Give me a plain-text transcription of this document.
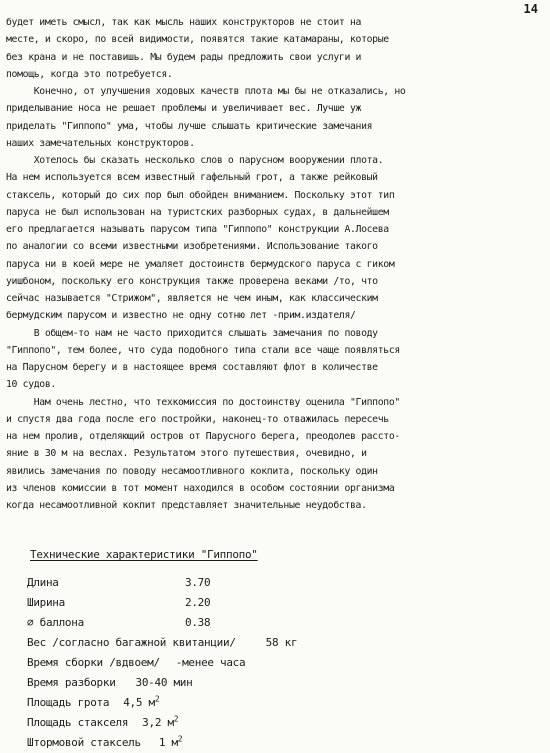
14
будет иметь смысл, так как мысль наших конструкторов не стоит на
месте, и скоро, по всей видимости, появятся такие катамараны, которые
без крана и не поставишь. Мы будем рады предложить свои услуги и
помощь, когда это потребуется.
Конечно, от улучшения ходовых качеств плота мы бы не отказались, но
приделывание носа не решает проблемы и увеличивает вес. Лучше уж
приделать "Гиппопо" ума, чтобы лучше слышать критические замечания
наших замечательных конструкторов.
Хотелось бы сказать несколько слов о парусном вооружении плота.
На нем используется всем известный гафельный грот, а также рейковый
стаксель, который до сих пор был обойден вниманием. Поскольку этот тип
паруса не был использован на туристских разборных судах, в дальнейшем
его предлагается называть парусом типа "Гиппопо" конструкции А.Лосева
по аналогии со всеми известными изобретениями. Использование такого
паруса ни в коей мере не умаляет достоинств бермудского паруса с гиком
уишбоном, поскольку его конструкция также проверена веками /то, что
сейчас называется "Стрижом", является не чем иным, как классическим
бермудским парусом и известно не одну сотню лет -прим.издателя/
В общем-то нам не часто приходится слышать замечания по поводу
"Гиппопо", тем более, что суда подобного типа стали все чаще появляться
на Парусном берегу и в настоящее время составляют флот в количестве
10 судов.
Нам очень лестно, что техкомиссия по достоинству оценила "Гиппопо"
и спустя два года после его постройки, наконец-то отважилась пересечь
на нем пролив, отделяющий остров от Парусного берега, преодолев рассто-
яние в 30 м на веслах. Результатом этого путешествия, очевидно, и
явились замечания по поводу несамоотливного кокпита, поскольку один
из членов комиссии в тот момент находился в особом состоянии организма
когда несамоотливной кокпит представляет значительные неудобства.
Технические характеристики "Гиппопо"
Длина	3.70
Ширина	2.20
∅ баллона	0.38
Вес /согласно багажной квитанции/	58 кг
Время сборки /вдвоем/ -менее часа
Время разборки 30-40 мин
Площадь грота 4,5 $м^2$
Площадь стакселя 3,2 $м^2$
Штормовой стаксель 1 $м^2$
